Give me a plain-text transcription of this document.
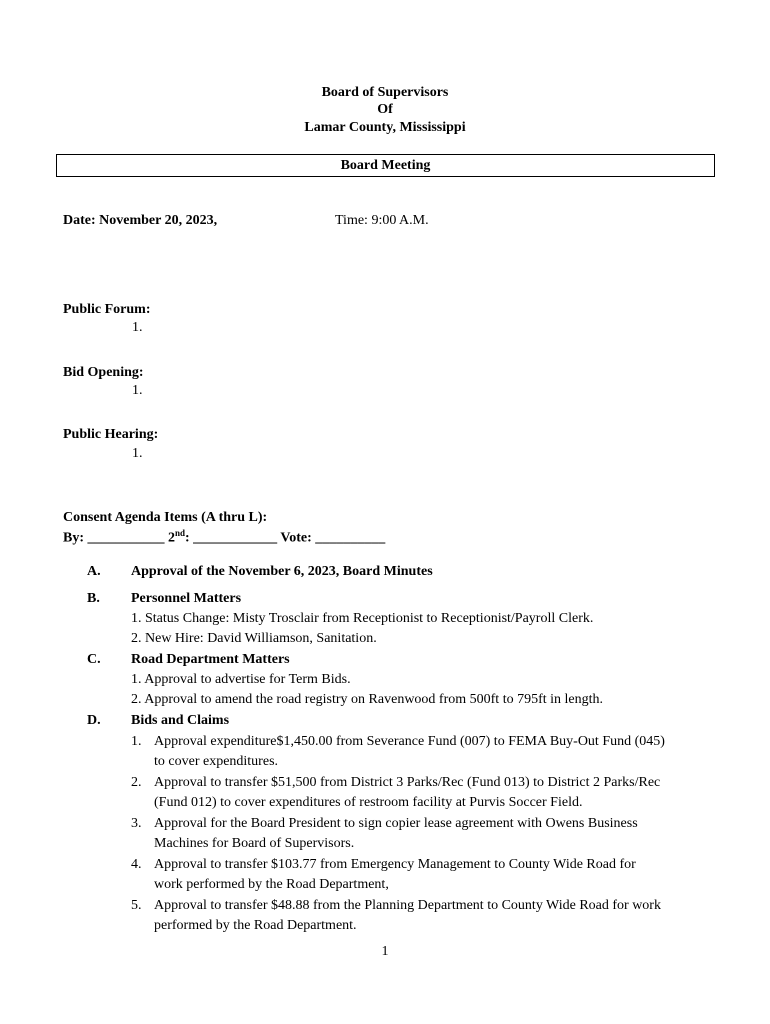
Board of Supervisors
Of
Lamar County, Mississippi
Board Meeting
Date: November 20, 2023,	Time: 9:00 A.M.
Public Forum:
1.
Bid Opening:
1.
Public Hearing:
1.
Consent Agenda Items (A thru L):
By: ___________ 2nd: ____________ Vote: __________
A. Approval of the November 6, 2023, Board Minutes
B. Personnel Matters
1. Status Change: Misty Trosclair from Receptionist to Receptionist/Payroll Clerk.
2. New Hire: David Williamson, Sanitation.
C. Road Department Matters
1. Approval to advertise for Term Bids.
2. Approval to amend the road registry on Ravenwood from 500ft to 795ft in length.
D. Bids and Claims
1. Approval expenditure$1,450.00 from Severance Fund (007) to FEMA Buy-Out Fund (045)
to cover expenditures.
2. Approval to transfer $51,500 from District 3 Parks/Rec (Fund 013) to District 2 Parks/Rec
(Fund 012) to cover expenditures of restroom facility at Purvis Soccer Field.
3. Approval for the Board President to sign copier lease agreement with Owens Business
Machines for Board of Supervisors.
4. Approval to transfer $103.77 from Emergency Management to County Wide Road for
work performed by the Road Department,
5. Approval to transfer $48.88 from the Planning Department to County Wide Road for work
performed by the Road Department.
1
